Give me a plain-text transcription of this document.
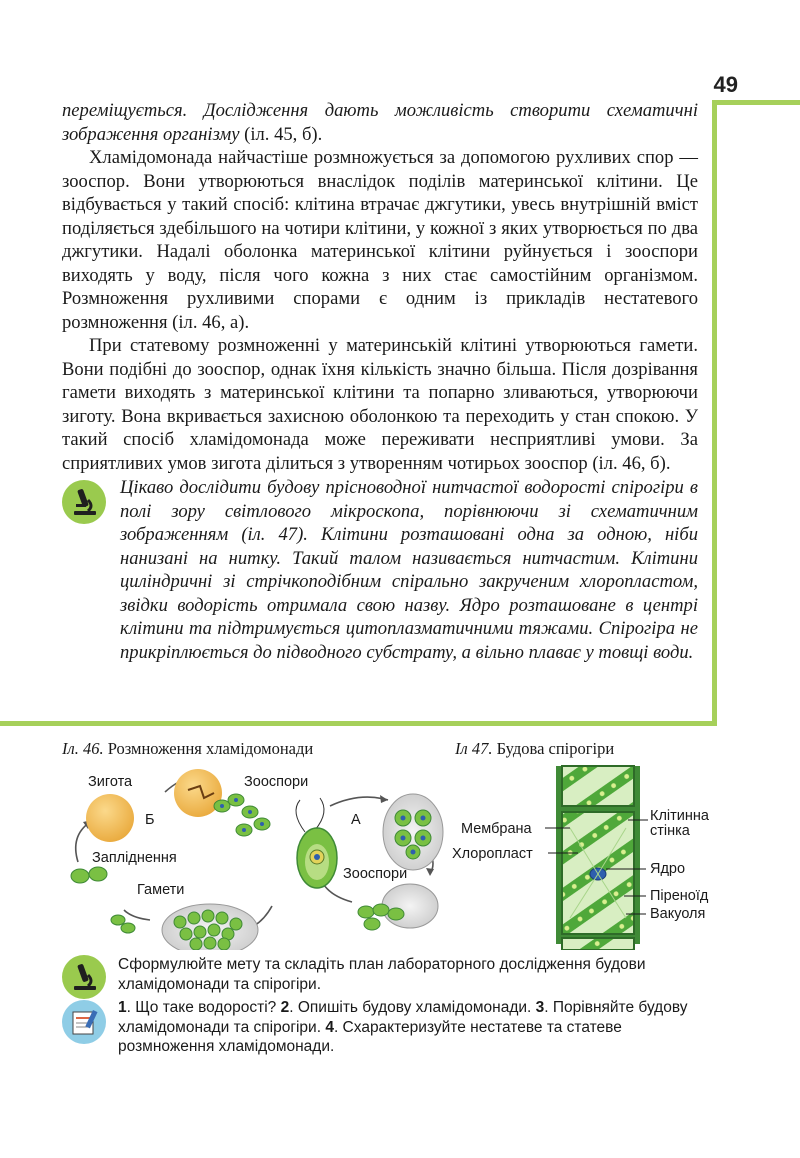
49

переміщується. Дослідження дають можливість створити схематичні зображення організму (іл. 45, б).

Хламідомонада найчастіше розмножується за допомогою рухливих спор — зооспор. Вони утворюються внаслідок поділів материнської клітини. Це відбувається у такий спосіб: клітина втрачає джгутики, увесь внутрішній вміст поділяється здебільшого на чотири клітини, у кожної з яких утворюється по два джгутики. Надалі оболонка материнської клітини руйнується і зооспори виходять у воду, після чого кожна з них стає самостійним організмом. Розмноження рухливими спорами є одним із прикладів нестатевого розмноження (іл. 46, а).

При статевому розмноженні у материнській клітині утворюються гамети. Вони подібні до зооспор, однак їхня кількість значно більша. Після дозрівання гамети виходять з материнської клітини та попарно зливаються, утворюючи зиготу. Вона вкривається захисною оболонкою та переходить у стан спокою. У такий спосіб хламідомонада може переживати несприятливі умови. За сприятливих умов зигота ділиться з утворенням чотирьох зооспор (іл. 46, б).

Цікаво дослідити будову прісноводної нитчастої водорості спірогіри в полі зору світлового мікроскопа, порівнюючи зі схематичним зображенням (іл. 47). Клітини розташовані одна за одною, ніби нанизані на нитку. Такий талом називається нитчастим. Клітини циліндричні зі стрічкоподібним спірально закрученим хлоропластом, звідки водорість отримала свою назву. Ядро розташоване в центрі клітини та підтримується цитоплазматичними тяжами. Спірогіра не прикріплюється до підводного субстрату, а вільно плаває у товщі води.

Іл. 46. Розмноження хламідомонади	Іл 47. Будова спірогіри
Зигота	Зооспори
Б	А
Запліднення
Гамети
Зооспори
Мембрана
Хлоропласт
Клітинна
стінка
Ядро
Піреноїд
Вакуоля
Сформулюйте мету та складіть план лабораторного дослідження будови хламідомонади та спірогіри.
1. Що таке водорості? 2. Опишіть будову хламідомонади. 3. Порівняйте будову хламідомонади та спірогіри. 4. Схарактеризуйте нестатеве та статеве розмноження хламідомонади.
